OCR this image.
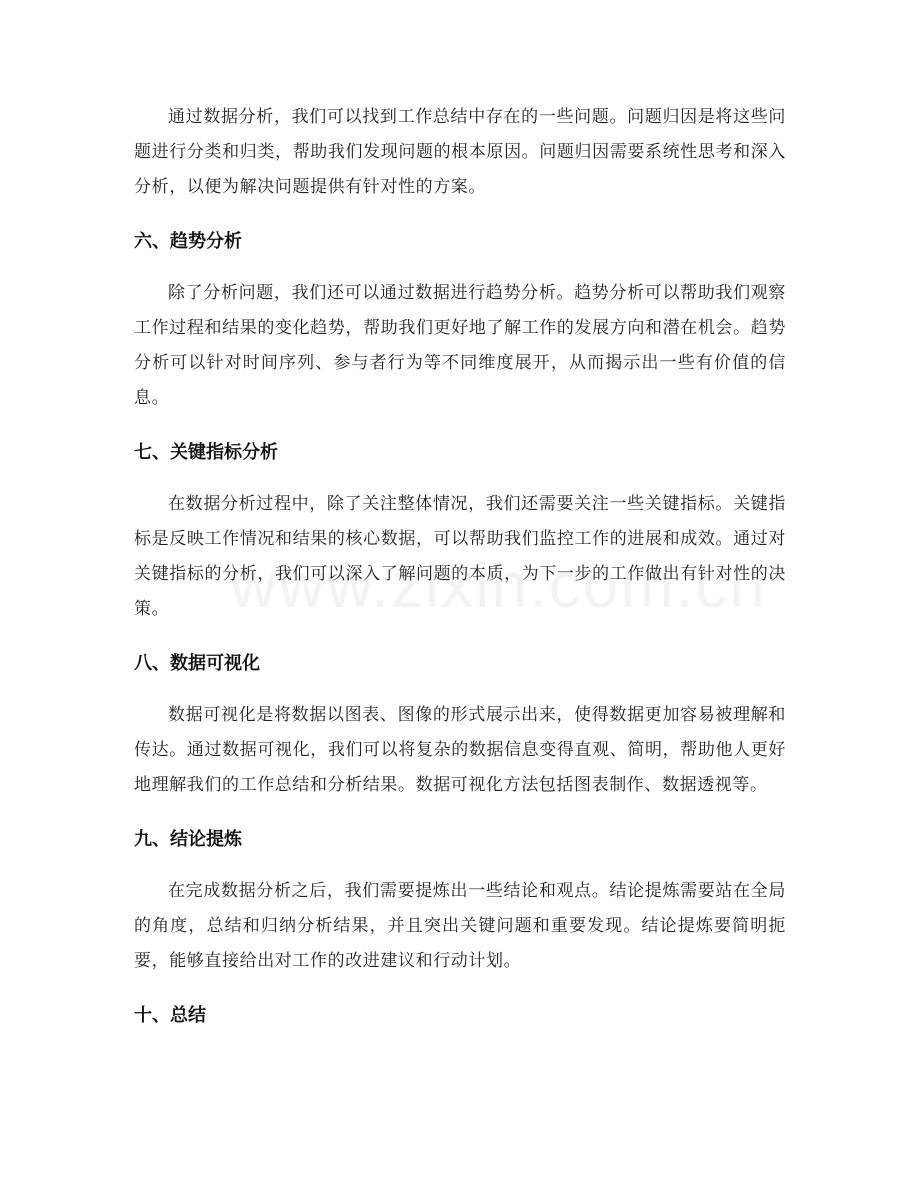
通过数据分析，我们可以找到工作总结中存在的一些问题。问题归因是将这些问题进行分类和归类，帮助我们发现问题的根本原因。问题归因需要系统性思考和深入分析，以便为解决问题提供有针对性的方案。

六、趋势分析

除了分析问题，我们还可以通过数据进行趋势分析。趋势分析可以帮助我们观察工作过程和结果的变化趋势，帮助我们更好地了解工作的发展方向和潜在机会。趋势分析可以针对时间序列、参与者行为等不同维度展开，从而揭示出一些有价值的信息。

七、关键指标分析

在数据分析过程中，除了关注整体情况，我们还需要关注一些关键指标。关键指标是反映工作情况和结果的核心数据，可以帮助我们监控工作的进展和成效。通过对关键指标的分析，我们可以深入了解问题的本质，为下一步的工作做出有针对性的决策。

八、数据可视化

数据可视化是将数据以图表、图像的形式展示出来，使得数据更加容易被理解和传达。通过数据可视化，我们可以将复杂的数据信息变得直观、简明，帮助他人更好地理解我们的工作总结和分析结果。数据可视化方法包括图表制作、数据透视等。

九、结论提炼

在完成数据分析之后，我们需要提炼出一些结论和观点。结论提炼需要站在全局的角度，总结和归纳分析结果，并且突出关键问题和重要发现。结论提炼要简明扼要，能够直接给出对工作的改进建议和行动计划。

十、总结
